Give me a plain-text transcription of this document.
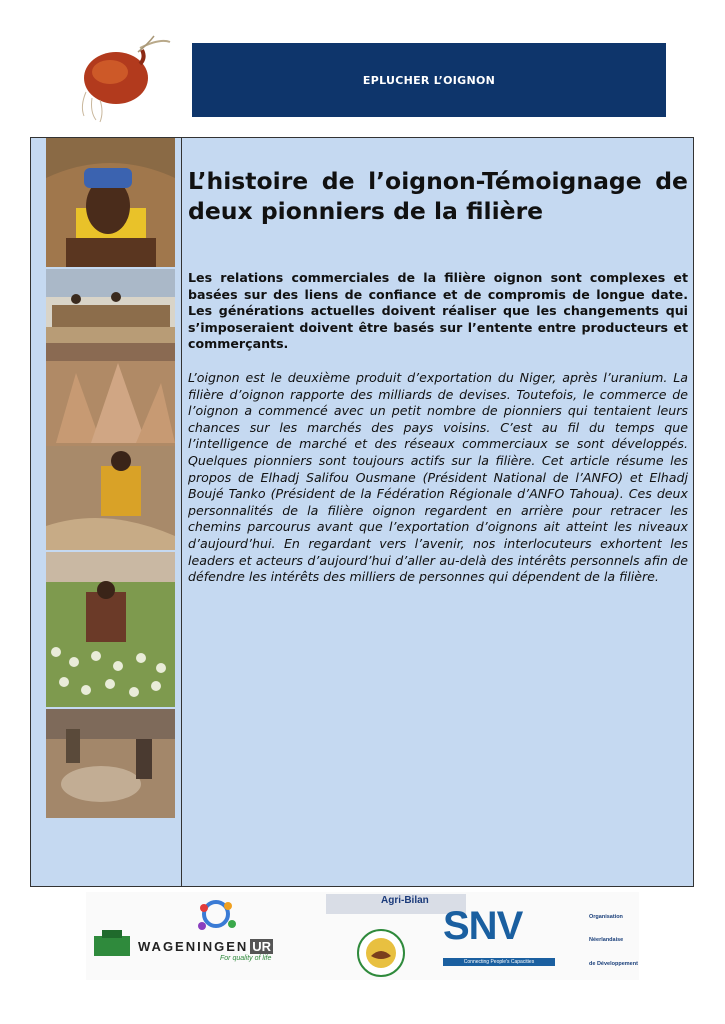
EPLUCHER L’OIGNON
L’histoire de l’oignon-Témoignage de deux pionniers de la filière

Les relations commerciales de la filière oignon sont complexes et basées sur des liens de confiance et de compromis de longue date. Les générations actuelles doivent réaliser que les changements qui s’imposeraient doivent être basés sur l’entente entre producteurs et commerçants.

L’oignon est le deuxième produit d’exportation du Niger, après l’uranium. La filière d’oignon rapporte des milliards de devises. Toutefois, le commerce de l’oignon a commencé avec un petit nombre de pionniers qui tentaient leurs chances sur les marchés des pays voisins. C’est au fil du temps que l’intelligence de marché et des réseaux commerciaux se sont développés. Quelques pionniers sont toujours actifs sur la filière. Cet article résume les propos de Elhadj Salifou Ousmane (Président National de l’ANFO) et Elhadj Boujé Tanko (Président de la Fédération Régionale d’ANFO Tahoua). Ces deux personnalités de la filière oignon regardent en arrière pour retracer les chemins parcourus avant que l’exportation d’oignons ait atteint les niveaux d’aujourd’hui. En regardant vers l’avenir, nos interlocuteurs exhortent les leaders et acteurs d’aujourd’hui d’aller au-delà des intérêts personnels afin de défendre les intérêts des milliers de personnes qui dépendent de la filière.

WAGENINGEN UR
For quality of life
Agri-Bilan
SNV
Connecting People's Capacities
Organisation
Néerlandaise
de Développement
